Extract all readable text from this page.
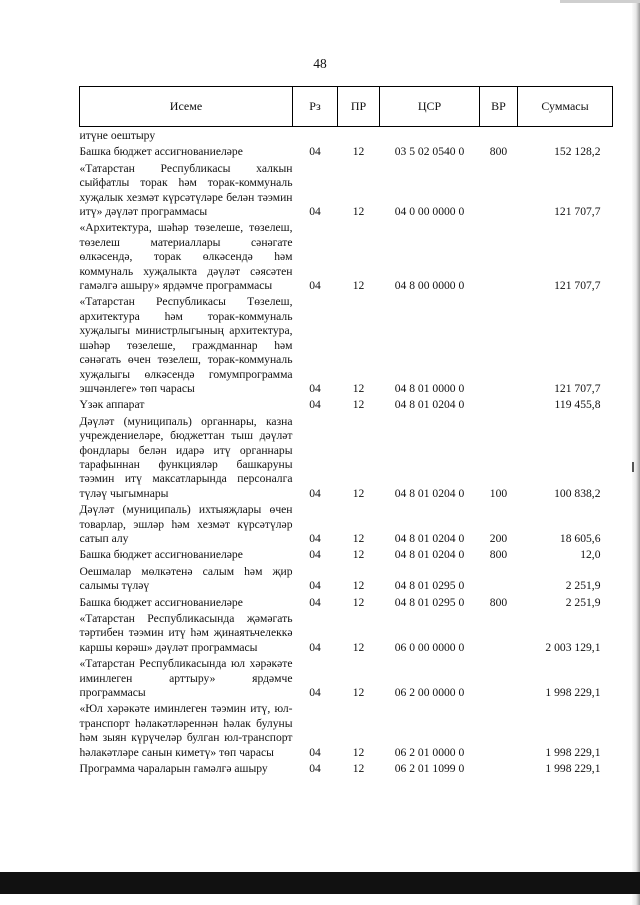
48
Исеме	Рз	ПР	ЦСР	ВР	Суммасы
итүне оештыру					
Башка бюджет ассигнованиеләре	04	12	03 5 02 0540 0	800	152 128,2
«Татарстан Республикасы халкын сыйфатлы торак һәм торак-коммуналь хуҗалык хезмәт күрсәтүләре белән тәэмин итү» дәүләт программасы	04	12	04 0 00 0000 0		121 707,7
«Архитектура, шәһәр төзелеше, төзелеш, төзелеш материаллары сәнәгате өлкәсендә, торак өлкәсендә һәм коммуналь хуҗалыкта дәүләт сәясәтен гамәлгә ашыру» ярдәмче программасы	04	12	04 8 00 0000 0		121 707,7
«Татарстан Республикасы Төзелеш, архитектура һәм торак-коммуналь хуҗалыгы министрлыгының архитектура, шәһәр төзелеше, граждманнар һәм сәнәгать өчен төзелеш, торак-коммуналь хуҗалыгы өлкәсендә гомумпрограмма эшчәнлеге» төп чарасы	04	12	04 8 01 0000 0		121 707,7
Үзәк аппарат	04	12	04 8 01 0204 0		119 455,8
Дәүләт (муниципаль) органнары, казна учреждениеләре, бюджеттан тыш дәүләт фондлары белән идарә итү органнары тарафыннан функцияләр башкаруны тәэмин итү максатларында персоналга түләү чыгымнары	04	12	04 8 01 0204 0	100	100 838,2
Дәүләт (муниципаль) ихтыяҗлары өчен товарлар, эшләр һәм хезмәт күрсәтүләр сатып алу	04	12	04 8 01 0204 0	200	18 605,6
Башка бюджет ассигнованиеләре	04	12	04 8 01 0204 0	800	12,0
Оешмалар мөлкәтенә салым һәм җир салымы түләү	04	12	04 8 01 0295 0		2 251,9
Башка бюджет ассигнованиеләре	04	12	04 8 01 0295 0	800	2 251,9
«Татарстан Республикасында җәмәгать тәртибен тәэмин итү һәм җинаятьчелеккә каршы көрәш» дәүләт программасы	04	12	06 0 00 0000 0		2 003 129,1
«Татарстан Республикасында юл хәрәкәте иминлеген арттыру» ярдәмче программасы	04	12	06 2 00 0000 0		1 998 229,1
«Юл хәрәкәте иминлеген тәэмин итү, юл-транспорт һәлакәтләреннән һәлак булуны һәм зыян күрүчеләр булган юл-транспорт һәлакәтләре санын киметү» төп чарасы	04	12	06 2 01 0000 0		1 998 229,1
Программа чараларын гамәлгә ашыру	04	12	06 2 01 1099 0		1 998 229,1
